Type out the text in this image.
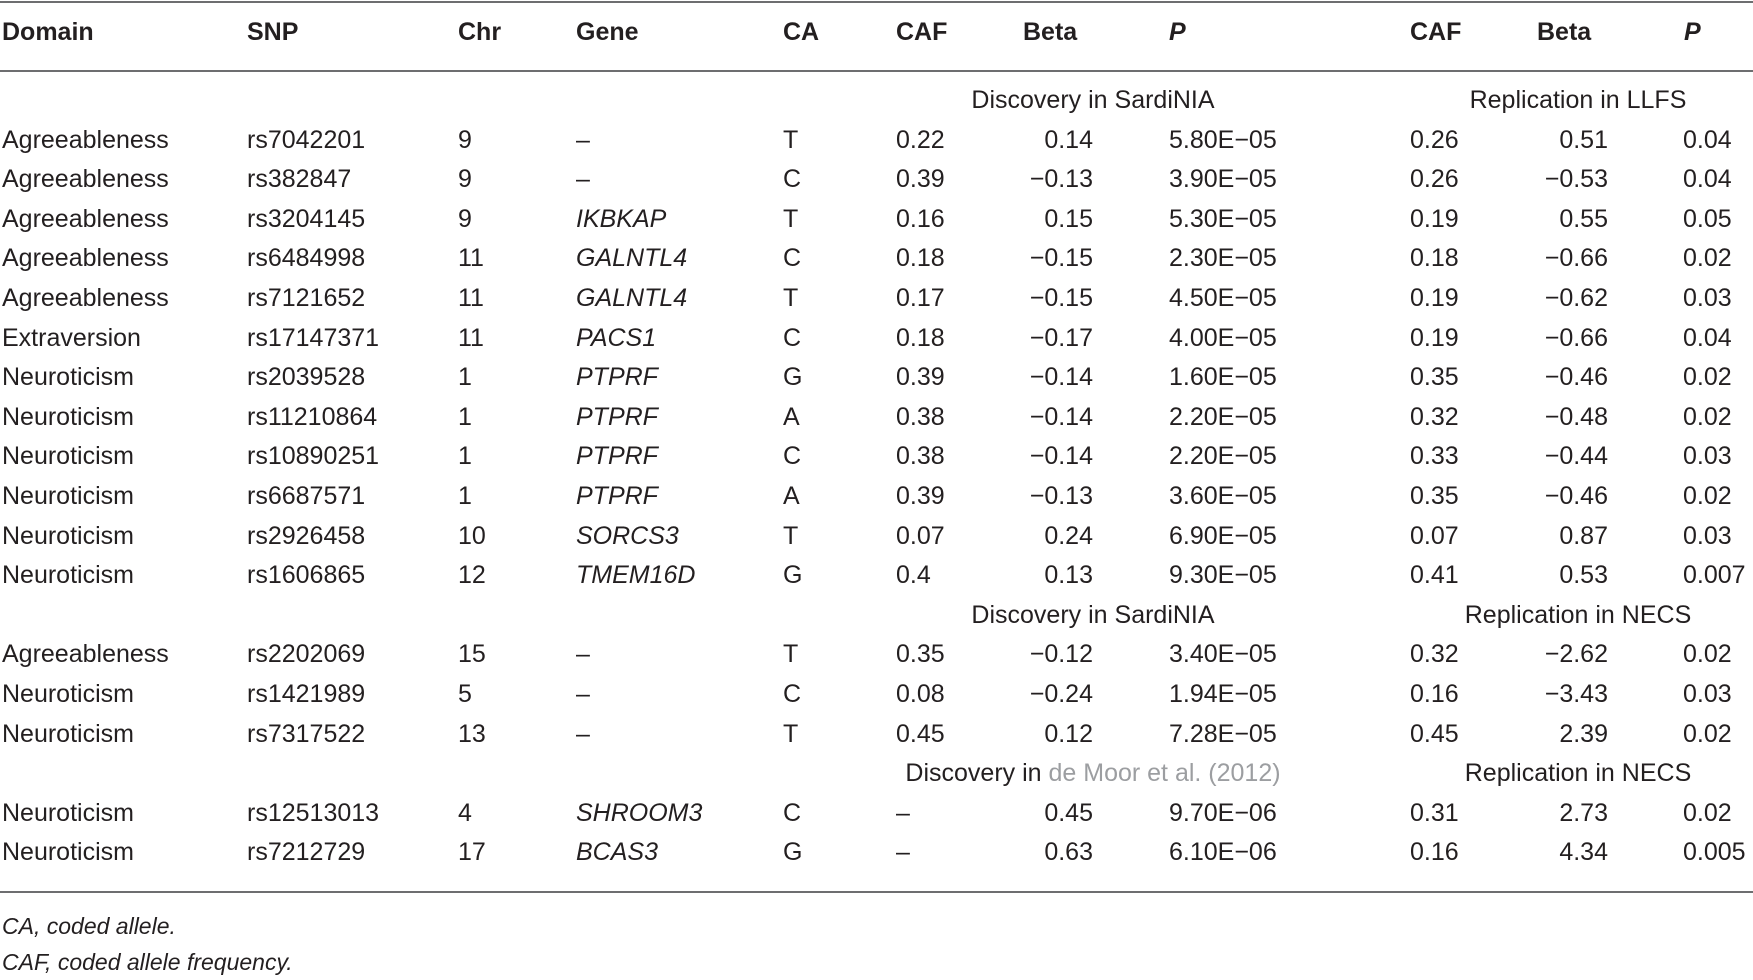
Domain	SNP	Chr	Gene	CA	CAF	Beta	P	CAF	Beta	P
Discovery in SardiNIA	Replication in LLFS
Agreeableness	rs7042201	9	–	T	0.22	0.14	5.80E−05	0.26	0.51	0.04
Agreeableness	rs382847	9	–	C	0.39	−0.13	3.90E−05	0.26	−0.53	0.04
Agreeableness	rs3204145	9	IKBKAP	T	0.16	0.15	5.30E−05	0.19	0.55	0.05
Agreeableness	rs6484998	11	GALNTL4	C	0.18	−0.15	2.30E−05	0.18	−0.66	0.02
Agreeableness	rs7121652	11	GALNTL4	T	0.17	−0.15	4.50E−05	0.19	−0.62	0.03
Extraversion	rs17147371	11	PACS1	C	0.18	−0.17	4.00E−05	0.19	−0.66	0.04
Neuroticism	rs2039528	1	PTPRF	G	0.39	−0.14	1.60E−05	0.35	−0.46	0.02
Neuroticism	rs11210864	1	PTPRF	A	0.38	−0.14	2.20E−05	0.32	−0.48	0.02
Neuroticism	rs10890251	1	PTPRF	C	0.38	−0.14	2.20E−05	0.33	−0.44	0.03
Neuroticism	rs6687571	1	PTPRF	A	0.39	−0.13	3.60E−05	0.35	−0.46	0.02
Neuroticism	rs2926458	10	SORCS3	T	0.07	0.24	6.90E−05	0.07	0.87	0.03
Neuroticism	rs1606865	12	TMEM16D	G	0.4	0.13	9.30E−05	0.41	0.53	0.007
Discovery in SardiNIA	Replication in NECS
Agreeableness	rs2202069	15	–	T	0.35	−0.12	3.40E−05	0.32	−2.62	0.02
Neuroticism	rs1421989	5	–	C	0.08	−0.24	1.94E−05	0.16	−3.43	0.03
Neuroticism	rs7317522	13	–	T	0.45	0.12	7.28E−05	0.45	2.39	0.02
Discovery in de Moor et al. (2012)	Replication in NECS
Neuroticism	rs12513013	4	SHROOM3	C	–	0.45	9.70E−06	0.31	2.73	0.02
Neuroticism	rs7212729	17	BCAS3	G	–	0.63	6.10E−06	0.16	4.34	0.005
CA, coded allele.
CAF, coded allele frequency.
